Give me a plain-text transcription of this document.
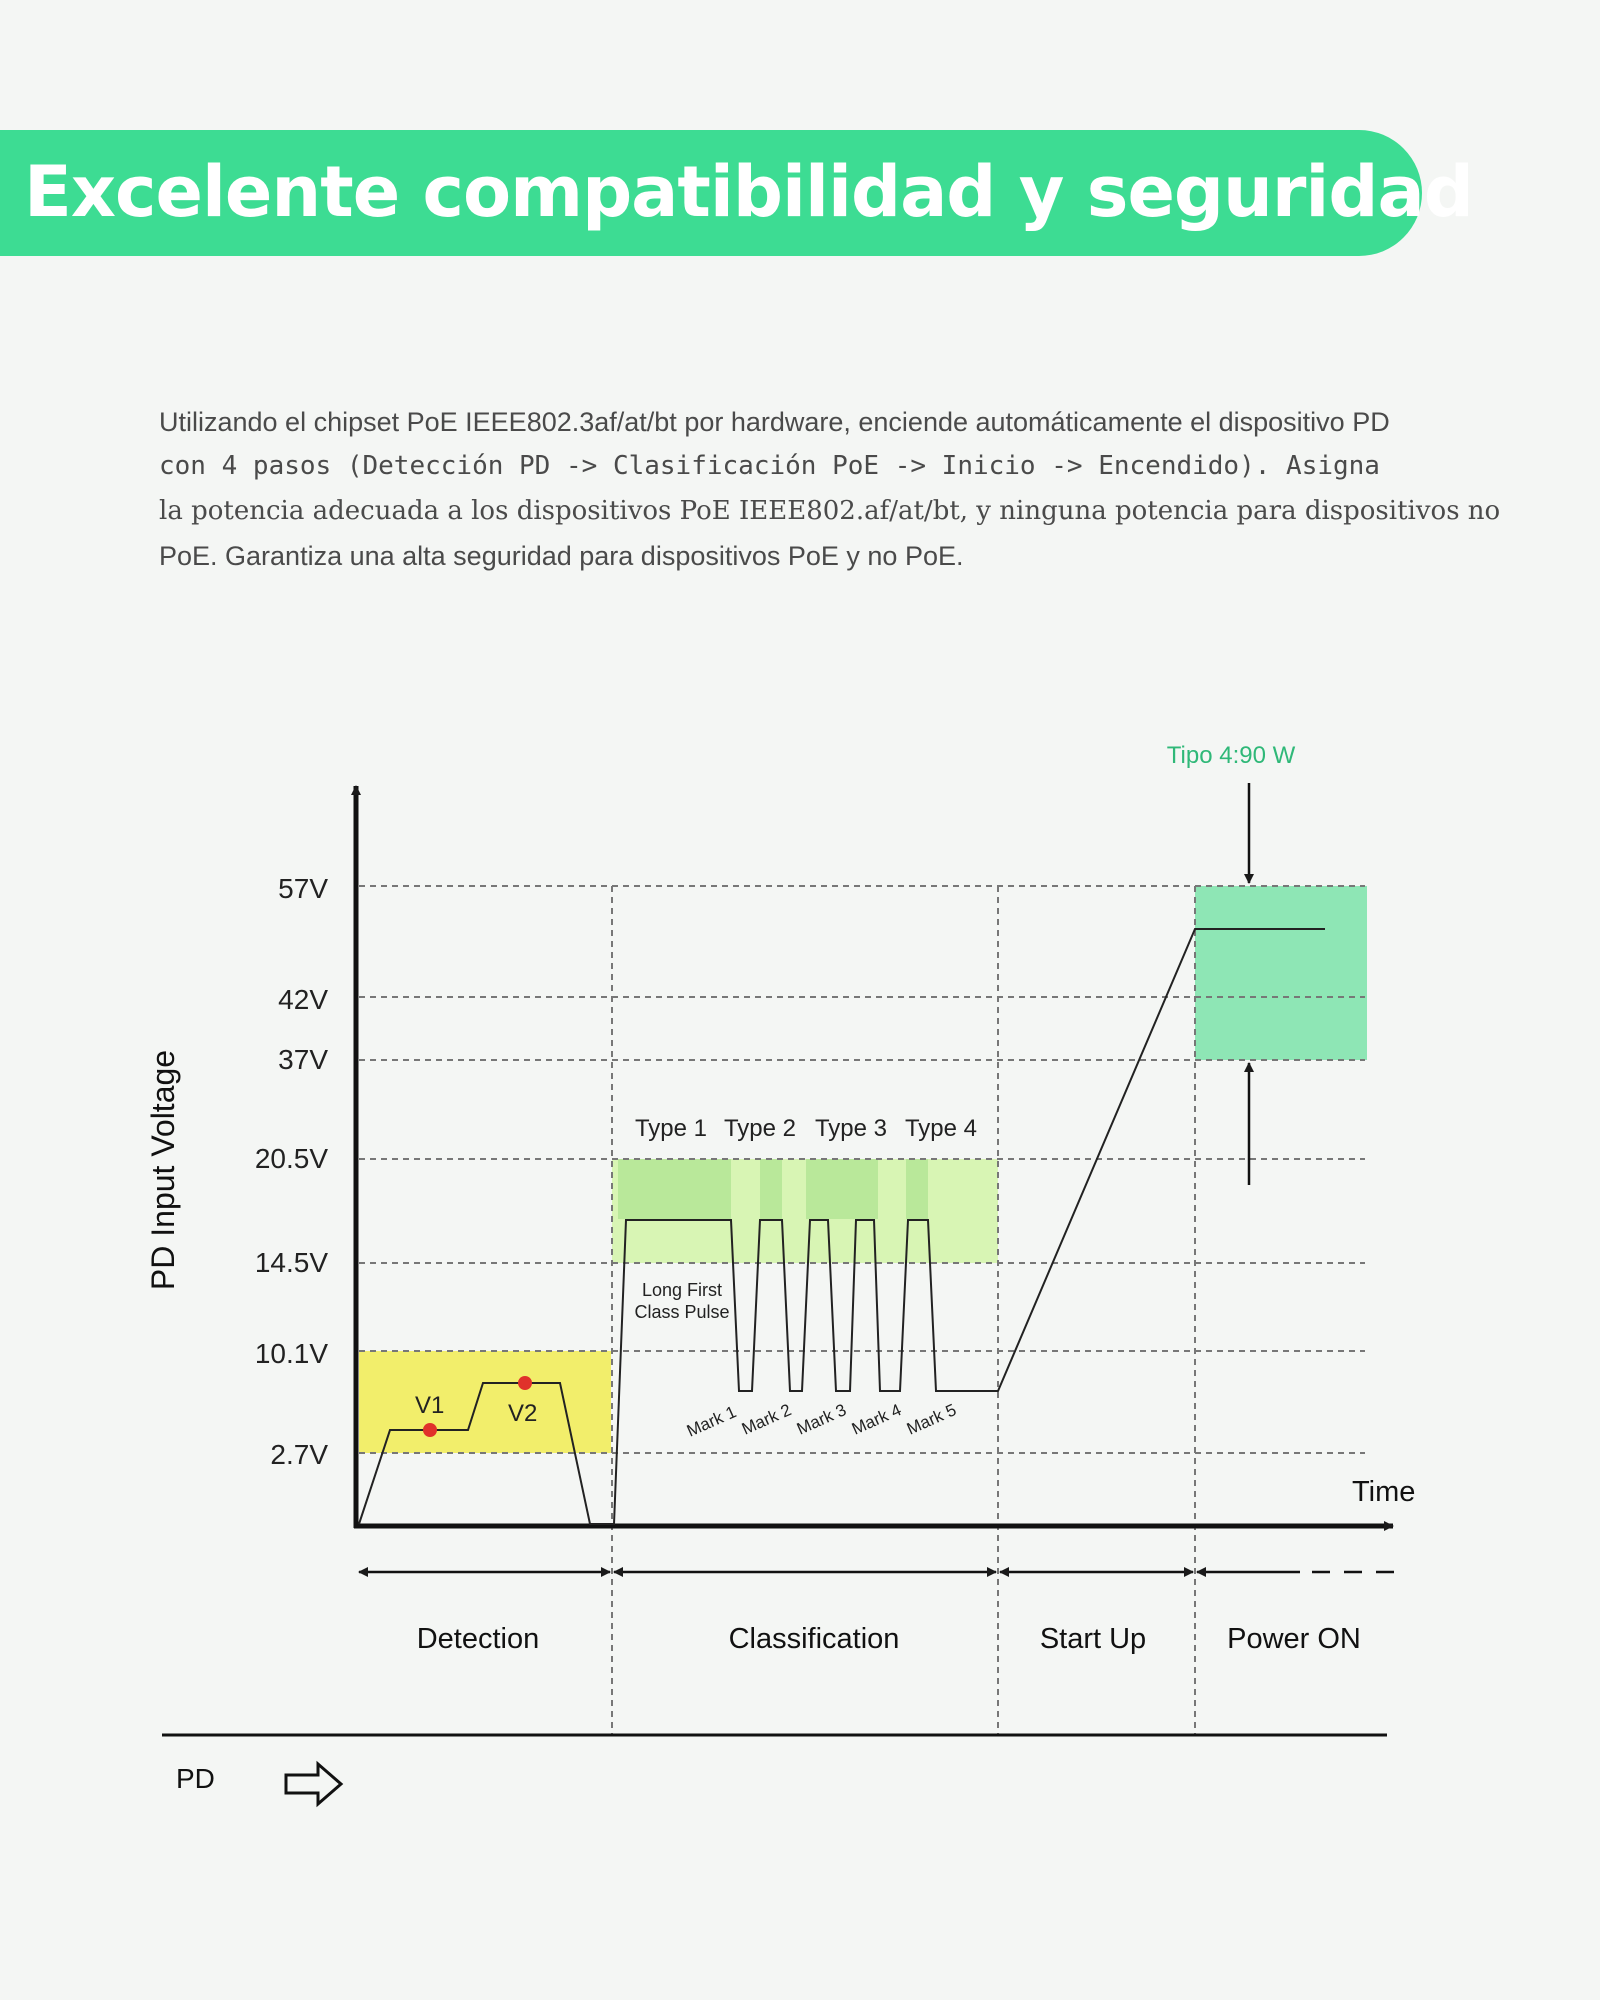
Excelente compatibilidad y seguridad

Utilizando el chipset PoE IEEE802.3af/at/bt por hardware, enciende automáticamente el dispositivo PD

con 4 pasos (Detección PD -> Clasificación PoE -> Inicio -> Encendido). Asigna

la potencia adecuada a los dispositivos PoE IEEE802.af/at/bt, y ninguna potencia para dispositivos no

PoE. Garantiza una alta seguridad para dispositivos PoE y no PoE.

V1	V2
57V
42V
37V
20.5V
14.5V
10.1V
2.7V
PD Input Voltage
Time
Type 1 Type 2 Type 3 Type 4
Long First
Class Pulse
Mark 1 Mark 2 Mark 3 Mark 4 Mark 5
Tipo 4:90 W
Detection	Classification	Start Up	Power ON
PD
